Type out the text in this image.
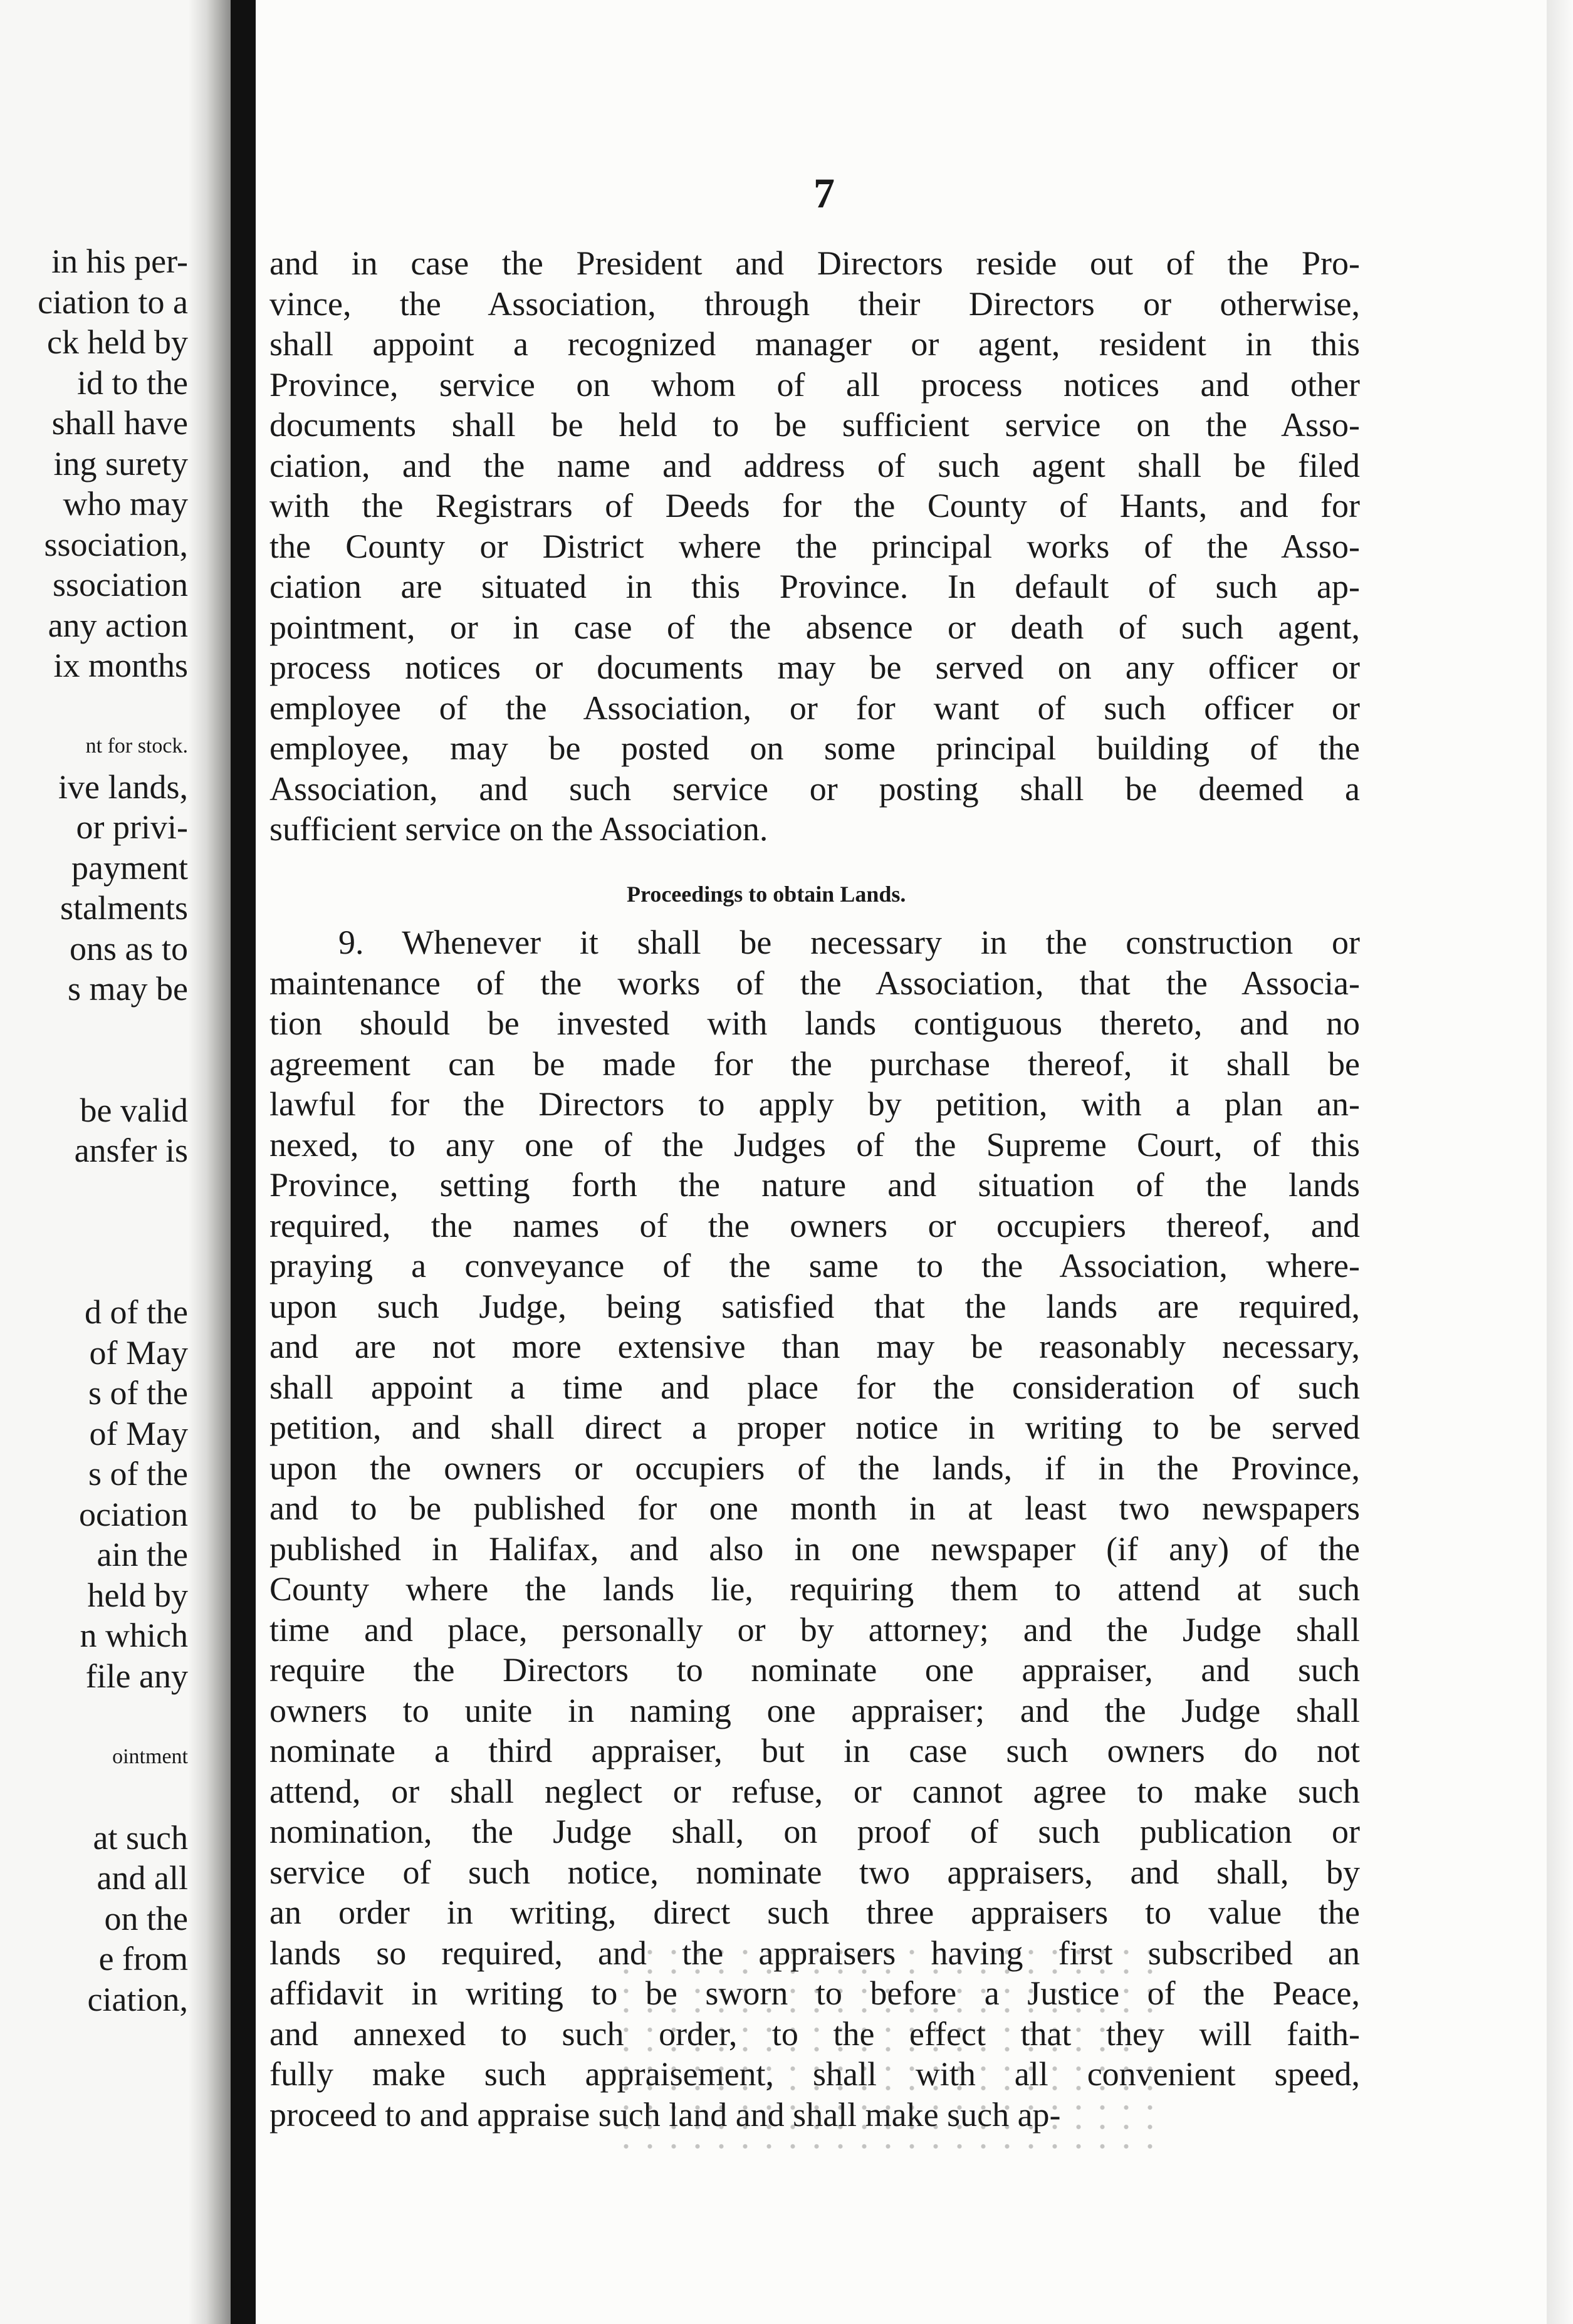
in his per-
ciation to a
ck held by
id to the
shall have
ing surety
who may
ssociation,
ssociation
any action
ix months
nt for stock.
ive lands,
or privi-
payment
stalments
ons as to
s may be
be valid
ansfer is
d of the
of May
s of the
of May
s of the
ociation
ain the
held by
n which
file any
ointment
at such
and all
on the
e from
ciation,
7
and in case the President and Directors reside out of the Pro-
vince, the Association, through their Directors or otherwise,
shall appoint a recognized manager or agent, resident in this
Province, service on whom of all process notices and other
documents shall be held to be sufficient service on the Asso-
ciation, and the name and address of such agent shall be filed
with the Registrars of Deeds for the County of Hants, and for
the County or District where the principal works of the Asso-
ciation are situated in this Province. In default of such ap-
pointment, or in case of the absence or death of such agent,
process notices or documents may be served on any officer or
employee of the Association, or for want of such officer or
employee, may be posted on some principal building of the
Association, and such service or posting shall be deemed a
sufficient service on the Association.
Proceedings to obtain Lands.
9. Whenever it shall be necessary in the construction or
maintenance of the works of the Association, that the Associa-
tion should be invested with lands contiguous thereto, and no
agreement can be made for the purchase thereof, it shall be
lawful for the Directors to apply by petition, with a plan an-
nexed, to any one of the Judges of the Supreme Court, of this
Province, setting forth the nature and situation of the lands
required, the names of the owners or occupiers thereof, and
praying a conveyance of the same to the Association, where-
upon such Judge, being satisfied that the lands are required,
and are not more extensive than may be reasonably necessary,
shall appoint a time and place for the consideration of such
petition, and shall direct a proper notice in writing to be served
upon the owners or occupiers of the lands, if in the Province,
and to be published for one month in at least two newspapers
published in Halifax, and also in one newspaper (if any) of the
County where the lands lie, requiring them to attend at such
time and place, personally or by attorney; and the Judge shall
require the Directors to nominate one appraiser, and such
owners to unite in naming one appraiser; and the Judge shall
nominate a third appraiser, but in case such owners do not
attend, or shall neglect or refuse, or cannot agree to make such
nomination, the Judge shall, on proof of such publication or
service of such notice, nominate two appraisers, and shall, by
an order in writing, direct such three appraisers to value the
lands so required, and the appraisers having first subscribed an
affidavit in writing to be sworn to before a Justice of the Peace,
and annexed to such order, to the effect that they will faith-
fully make such appraisement, shall with all convenient speed,
proceed to and appraise such land and shall make such ap-
